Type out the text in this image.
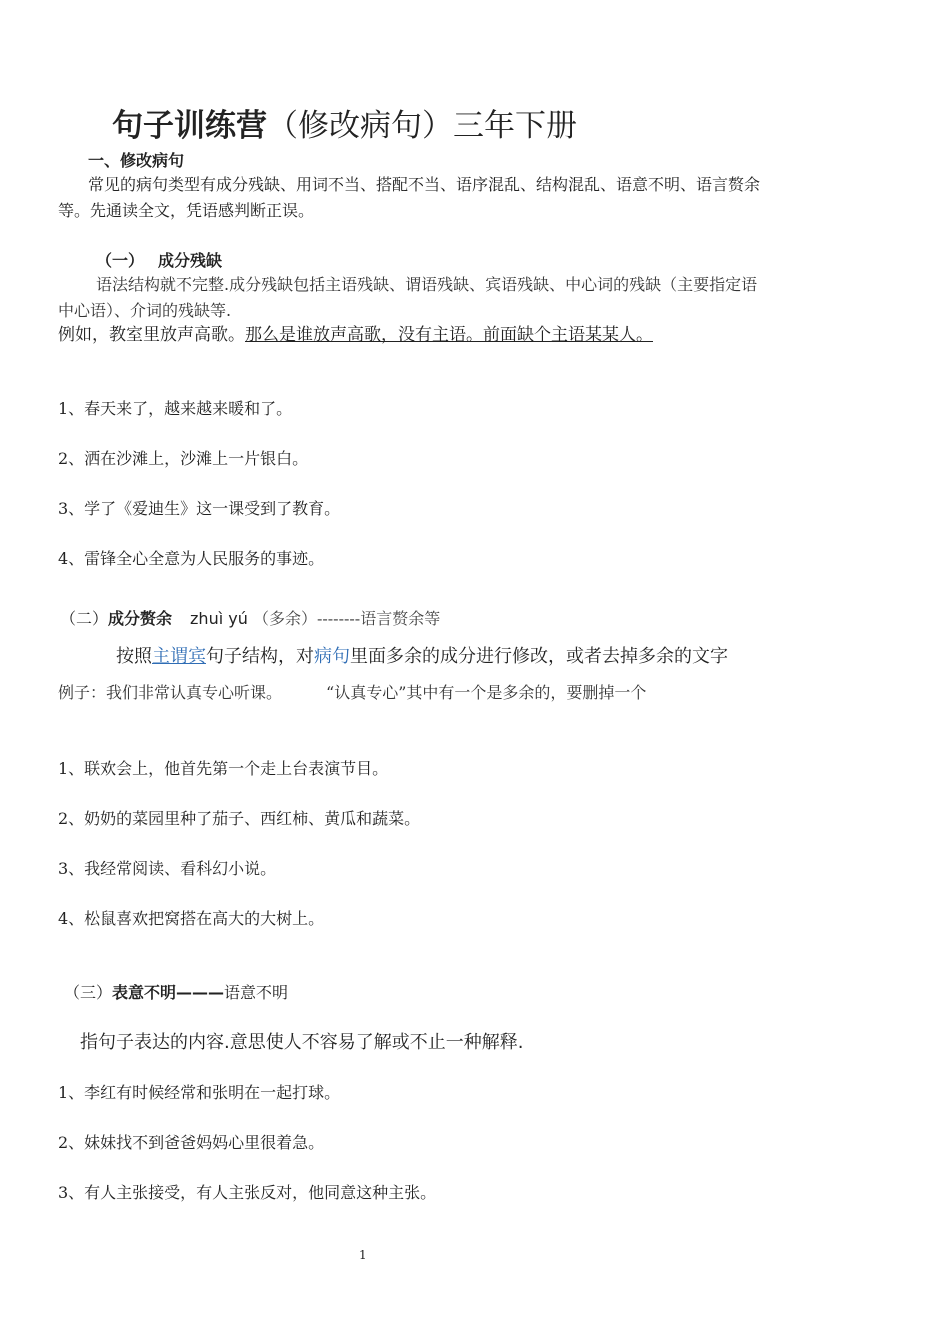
句子训练营（修改病句）三年下册
一、修改病句
常见的病句类型有成分残缺、用词不当、搭配不当、语序混乱、结构混乱、语意不明、语言赘余
等。先通读全文，凭语感判断正误。
（一） 成分残缺
语法结构就不完整.成分残缺包括主语残缺、谓语残缺、宾语残缺、中心词的残缺（主要指定语
中心语）、介词的残缺等.
例如，教室里放声高歌。那么是谁放声高歌，没有主语。前面缺个主语某某人。
1、春天来了，越来越来暖和了。
2、洒在沙滩上，沙滩上一片银白。
3、学了《爱迪生》这一课受到了教育。
4、雷锋全心全意为人民服务的事迹。
（二）成分赘余 zhuì yú （多余）--------语言赘余等
按照主谓宾句子结构，对病句里面多余的成分进行修改，或者去掉多余的文字
例子：我们非常认真专心听课。	“认真专心”其中有一个是多余的，要删掉一个
1、联欢会上，他首先第一个走上台表演节目。
2、奶奶的菜园里种了茄子、西红柿、黄瓜和蔬菜。
3、我经常阅读、看科幻小说。
4、松鼠喜欢把窝搭在高大的大树上。
（三）表意不明———语意不明
指句子表达的内容.意思使人不容易了解或不止一种解释.
1、李红有时候经常和张明在一起打球。
2、妹妹找不到爸爸妈妈心里很着急。
3、有人主张接受，有人主张反对，他同意这种主张。
1
